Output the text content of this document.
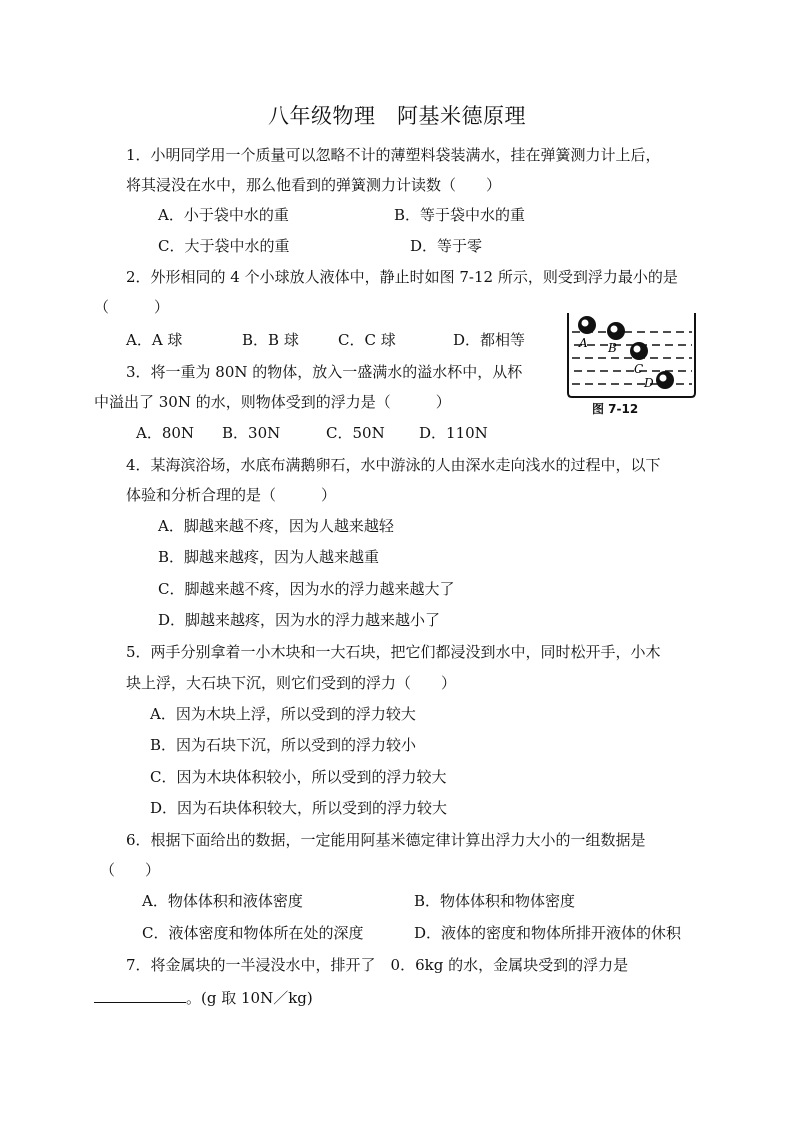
八年级物理　阿基米德原理
1．小明同学用一个质量可以忽略不计的薄塑料袋装满水，挂在弹簧测力计上后，
将其浸没在水中，那么他看到的弹簧测力计读数（　　）
A．小于袋中水的重	B．等于袋中水的重
C．大于袋中水的重	D．等于零
2．外形相同的 4 个小球放人液体中，静止时如图 7-12 所示，则受到浮力最小的是
（　　　）
A．A 球	B．B 球	C．C 球	D．都相等	A B
C
D
图 7-12
3．将一重为 80N 的物体，放入一盛满水的溢水杯中，从杯
中溢出了 30N 的水，则物体受到的浮力是（　　　）
A．80N B．30N	C．50N D．110N
4．某海滨浴场，水底布满鹅卵石，水中游泳的人由深水走向浅水的过程中，以下
体验和分析合理的是（　　　）
A．脚越来越不疼，因为人越来越轻
B．脚越来越疼，因为人越来越重
C．脚越来越不疼，因为水的浮力越来越大了
D．脚越来越疼，因为水的浮力越来越小了
5．两手分别拿着一小木块和一大石块，把它们都浸没到水中，同时松开手，小木
块上浮，大石块下沉，则它们受到的浮力（　　）
A．因为木块上浮，所以受到的浮力较大
B．因为石块下沉，所以受到的浮力较小
C．因为木块体积较小，所以受到的浮力较大
D．因为石块体积较大，所以受到的浮力较大
6．根据下面给出的数据，一定能用阿基米德定律计算出浮力大小的一组数据是
（　　）
A．物体体积和液体密度	B．物体体积和物体密度
C．液体密度和物体所在处的深度	D．液体的密度和物体所排开液体的休积
7．将金属块的一半浸没水中，排开了　0．6kg 的水，金属块受到的浮力是
。(g 取 10N／kg)
